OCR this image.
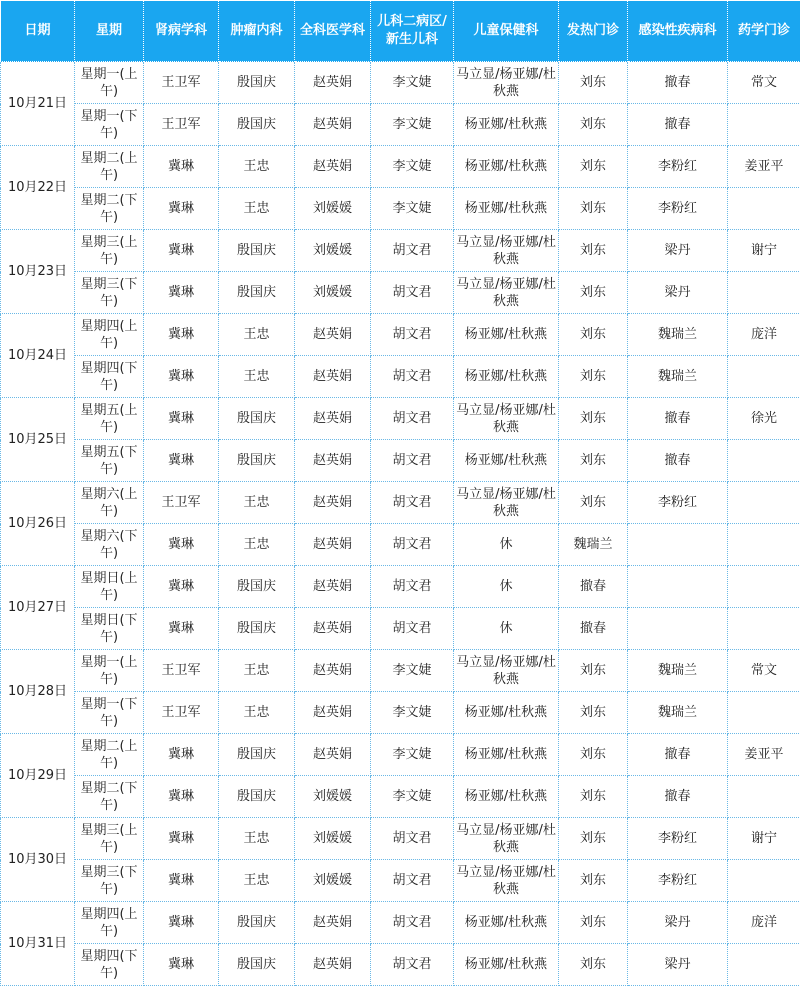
日期	星期	肾病学科	肿瘤内科	全科医学科	儿科二病区/新生儿科	儿童保健科	发热门诊	感染性疾病科	药学门诊
10月21日	星期一(上午)	王卫军	殷国庆	赵英娟	李文婕	马立显/杨亚娜/杜秋燕	刘东	撤春	常文
	星期一(下午)	王卫军	殷国庆	赵英娟	李文婕	杨亚娜/杜秋燕	刘东	撤春	
10月22日	星期二(上午)	冀琳	王忠	赵英娟	李文婕	杨亚娜/杜秋燕	刘东	李粉红	姜亚平
	星期二(下午)	冀琳	王忠	刘媛媛	李文婕	杨亚娜/杜秋燕	刘东	李粉红	
10月23日	星期三(上午)	冀琳	殷国庆	刘媛媛	胡文君	马立显/杨亚娜/杜秋燕	刘东	梁丹	谢宁
	星期三(下午)	冀琳	殷国庆	刘媛媛	胡文君	马立显/杨亚娜/杜秋燕	刘东	梁丹	
10月24日	星期四(上午)	冀琳	王忠	赵英娟	胡文君	杨亚娜/杜秋燕	刘东	魏瑞兰	庞洋
	星期四(下午)	冀琳	王忠	赵英娟	胡文君	杨亚娜/杜秋燕	刘东	魏瑞兰	
10月25日	星期五(上午)	冀琳	殷国庆	赵英娟	胡文君	马立显/杨亚娜/杜秋燕	刘东	撤春	徐光
	星期五(下午)	冀琳	殷国庆	赵英娟	胡文君	杨亚娜/杜秋燕	刘东	撤春	
10月26日	星期六(上午)	王卫军	王忠	赵英娟	胡文君	马立显/杨亚娜/杜秋燕	刘东	李粉红	
	星期六(下午)	冀琳	王忠	赵英娟	胡文君	休	魏瑞兰		
10月27日	星期日(上午)	冀琳	殷国庆	赵英娟	胡文君	休	撤春		
	星期日(下午)	冀琳	殷国庆	赵英娟	胡文君	休	撤春		
10月28日	星期一(上午)	王卫军	王忠	赵英娟	李文婕	马立显/杨亚娜/杜秋燕	刘东	魏瑞兰	常文
	星期一(下午)	王卫军	王忠	赵英娟	李文婕	杨亚娜/杜秋燕	刘东	魏瑞兰	
10月29日	星期二(上午)	冀琳	殷国庆	赵英娟	李文婕	杨亚娜/杜秋燕	刘东	撤春	姜亚平
	星期二(下午)	冀琳	殷国庆	刘媛媛	李文婕	杨亚娜/杜秋燕	刘东	撤春	
10月30日	星期三(上午)	冀琳	王忠	刘媛媛	胡文君	马立显/杨亚娜/杜秋燕	刘东	李粉红	谢宁
	星期三(下午)	冀琳	王忠	刘媛媛	胡文君	马立显/杨亚娜/杜秋燕	刘东	李粉红	
10月31日	星期四(上午)	冀琳	殷国庆	赵英娟	胡文君	杨亚娜/杜秋燕	刘东	梁丹	庞洋
	星期四(下午)	冀琳	殷国庆	赵英娟	胡文君	杨亚娜/杜秋燕	刘东	梁丹	
